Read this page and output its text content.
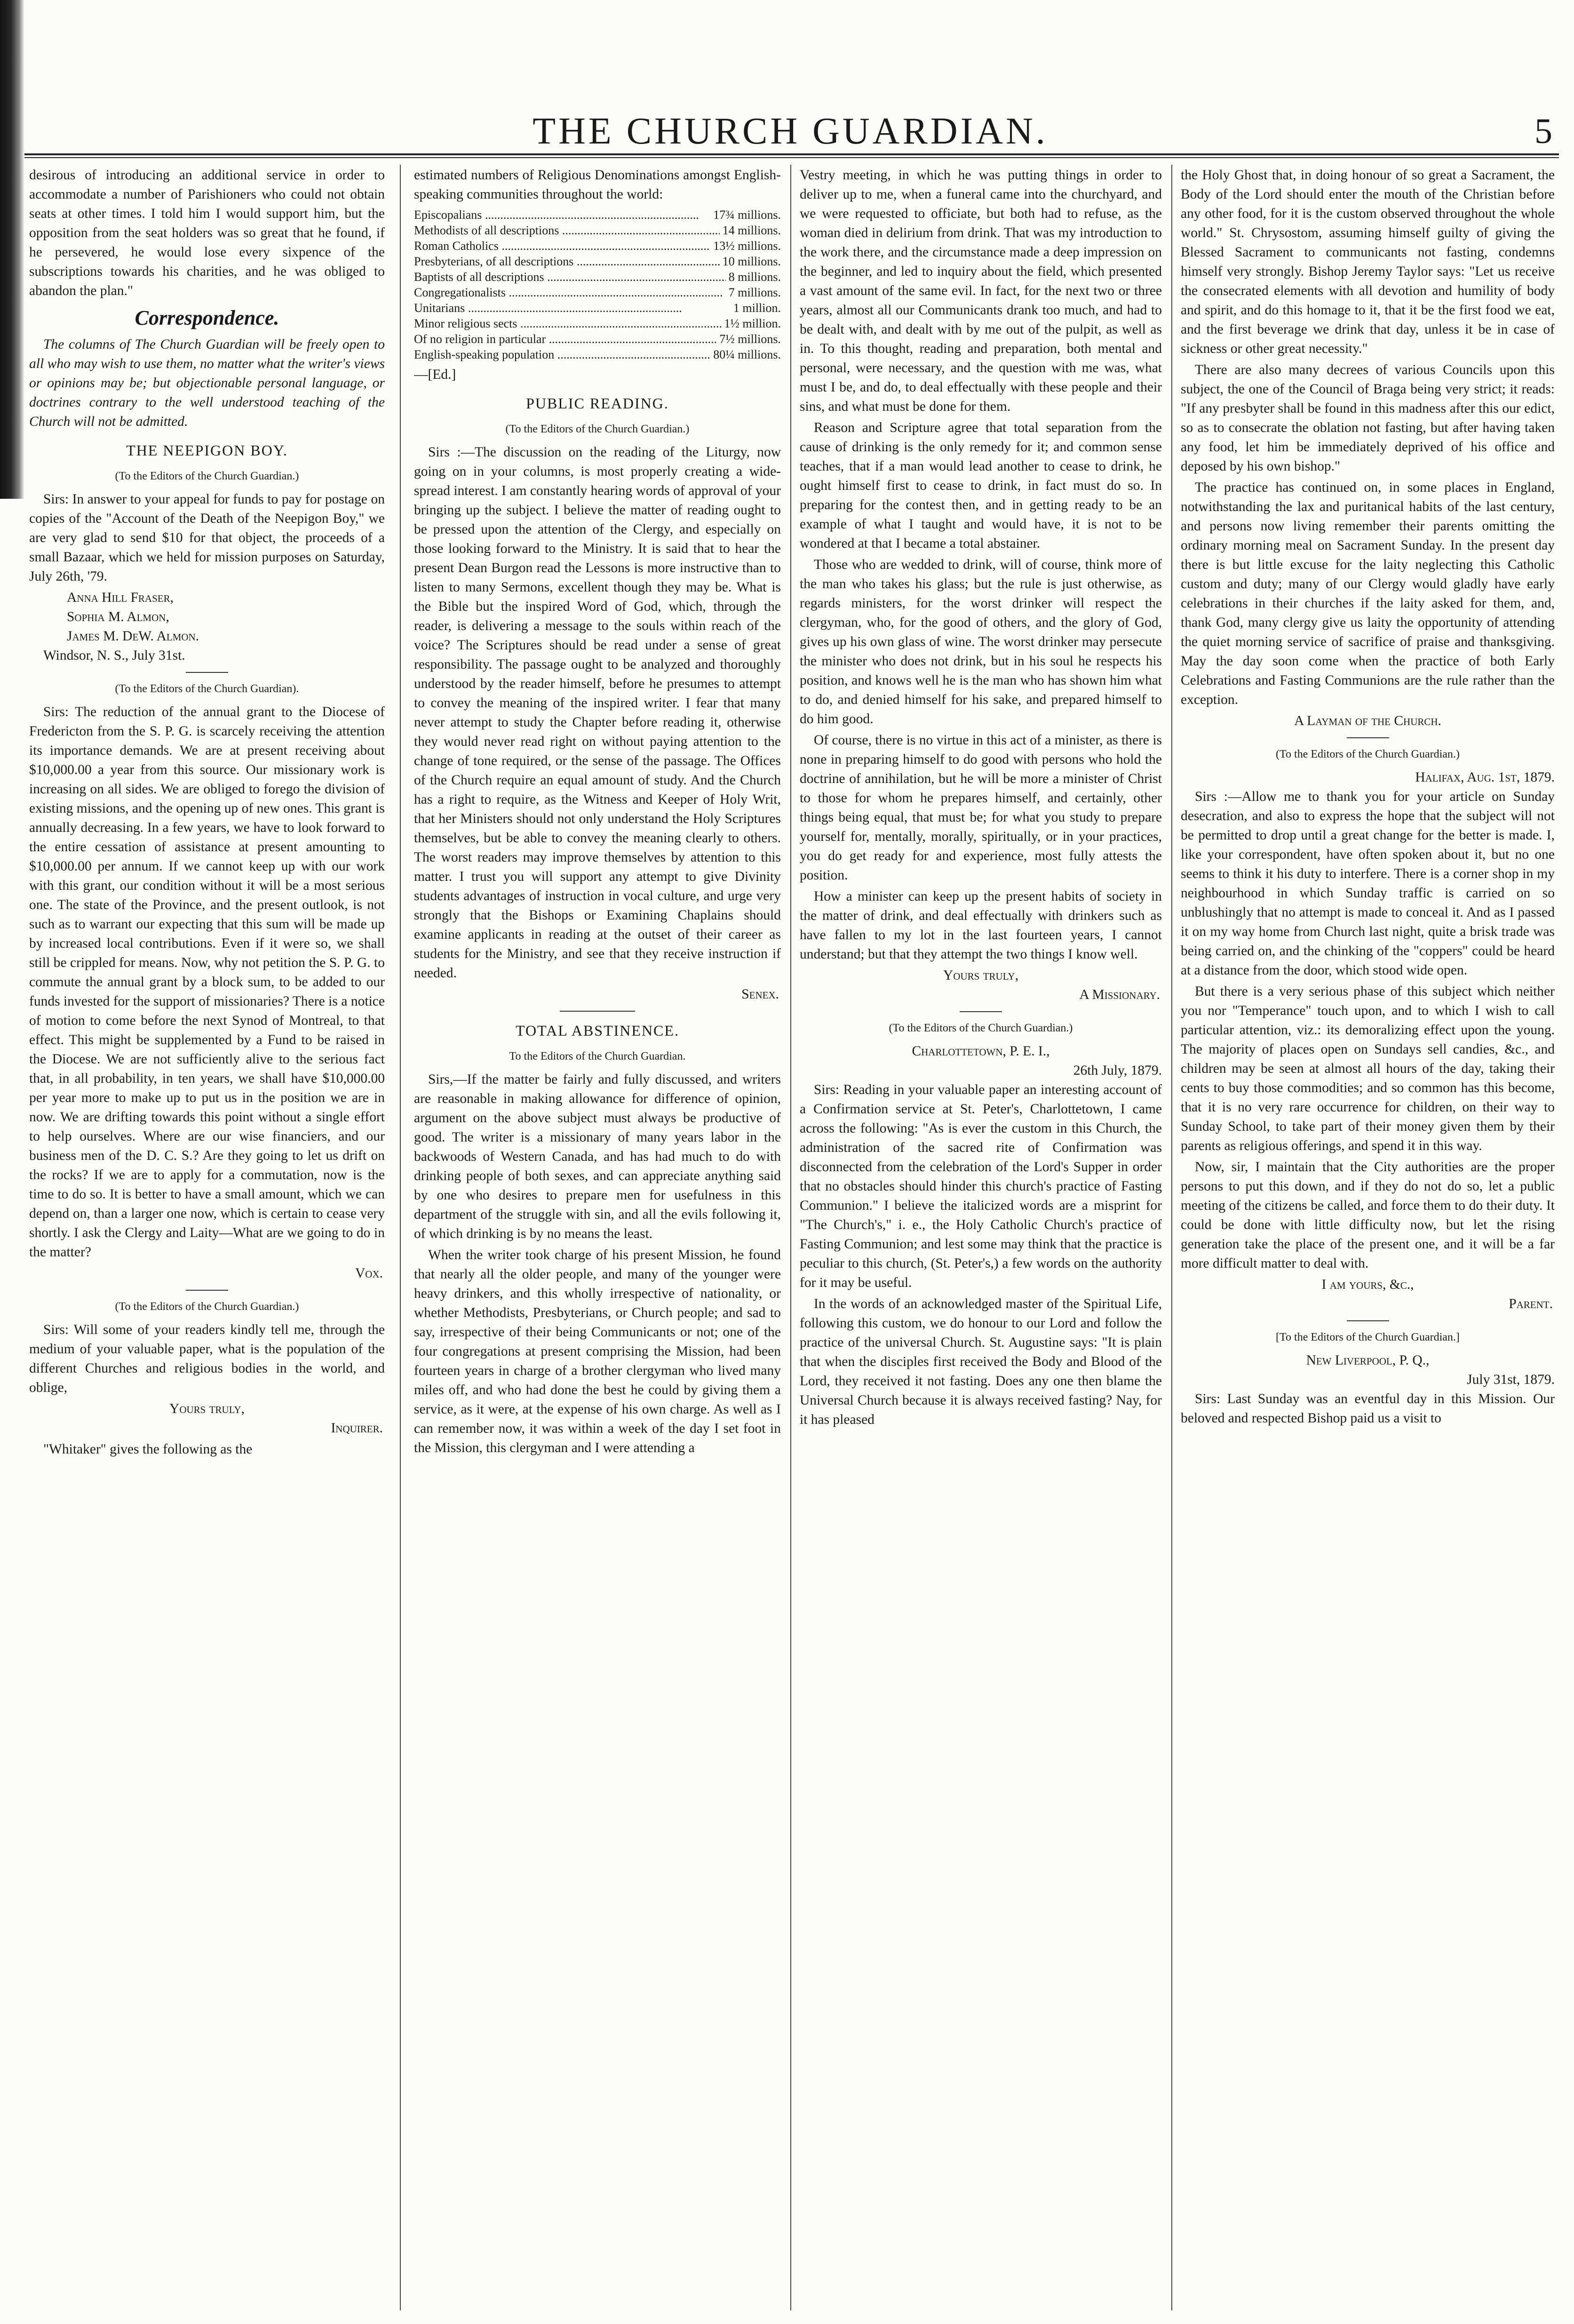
THE CHURCH GUARDIAN.	5

desirous of introducing an additional service in order to accommodate a number of Parishioners who could not obtain seats at other times. I told him I would support him, but the opposition from the seat holders was so great that he found, if he persevered, he would lose every sixpence of the subscriptions towards his charities, and he was obliged to abandon the plan."

Correspondence.

The columns of The Church Guardian will be freely open to all who may wish to use them, no matter what the writer's views or opinions may be; but objectionable personal language, or doctrines contrary to the well understood teaching of the Church will not be admitted.

THE NEEPIGON BOY.
(To the Editors of the Church Guardian.)

Sirs: In answer to your appeal for funds to pay for postage on copies of the "Account of the Death of the Neepigon Boy," we are very glad to send $10 for that object, the proceeds of a small Bazaar, which we held for mission purposes on Saturday, July 26th, '79.

Anna Hill Fraser,
Sophia M. Almon,
James M. DeW. Almon.

Windsor, N. S., July 31st.

(To the Editors of the Church Guardian).

Sirs: The reduction of the annual grant to the Diocese of Fredericton from the S. P. G. is scarcely receiving the attention its importance demands. We are at present receiving about $10,000.00 a year from this source. Our missionary work is increasing on all sides. We are obliged to forego the division of existing missions, and the opening up of new ones. This grant is annually decreasing. In a few years, we have to look forward to the entire cessation of assistance at present amounting to $10,000.00 per annum. If we cannot keep up with our work with this grant, our condition without it will be a most serious one. The state of the Province, and the present outlook, is not such as to warrant our expecting that this sum will be made up by increased local contributions. Even if it were so, we shall still be crippled for means. Now, why not petition the S. P. G. to commute the annual grant by a block sum, to be added to our funds invested for the support of missionaries? There is a notice of motion to come before the next Synod of Montreal, to that effect. This might be supplemented by a Fund to be raised in the Diocese. We are not sufficiently alive to the serious fact that, in all probability, in ten years, we shall have $10,000.00 per year more to make up to put us in the position we are in now. We are drifting towards this point without a single effort to help ourselves. Where are our wise financiers, and our business men of the D. C. S.? Are they going to let us drift on the rocks? If we are to apply for a commutation, now is the time to do so. It is better to have a small amount, which we can depend on, than a larger one now, which is certain to cease very shortly. I ask the Clergy and Laity—What are we going to do in the matter?

Vox.
(To the Editors of the Church Guardian.)

Sirs: Will some of your readers kindly tell me, through the medium of your valuable paper, what is the population of the different Churches and religious bodies in the world, and oblige,

Yours truly,
Inquirer.

"Whitaker" gives the following as the

estimated numbers of Religious Denominations amongst English-speaking communities throughout the world:

Episcopalians .....	17¾ millions.
Methodists of all descriptions .....	14 millions.
Roman Catholics .....	13½ millions.
Presbyterians, of all descriptions .....	10 millions.
Baptists of all descriptions .....	8 millions.
Congregationalists .....	7 millions.
Unitarians .....	1 million.
Minor religious sects .....	1½ million.
Of no religion in particular .....	7½ millions.
English-speaking population .....	80¼ millions.

—[Ed.]

PUBLIC READING.
(To the Editors of the Church Guardian.)

Sirs :—The discussion on the reading of the Liturgy, now going on in your columns, is most properly creating a wide-spread interest. I am constantly hearing words of approval of your bringing up the subject. I believe the matter of reading ought to be pressed upon the attention of the Clergy, and especially on those looking forward to the Ministry. It is said that to hear the present Dean Burgon read the Lessons is more instructive than to listen to many Sermons, excellent though they may be. What is the Bible but the inspired Word of God, which, through the reader, is delivering a message to the souls within reach of the voice? The Scriptures should be read under a sense of great responsibility. The passage ought to be analyzed and thoroughly understood by the reader himself, before he presumes to attempt to convey the meaning of the inspired writer. I fear that many never attempt to study the Chapter before reading it, otherwise they would never read right on without paying attention to the change of tone required, or the sense of the passage. The Offices of the Church require an equal amount of study. And the Church has a right to require, as the Witness and Keeper of Holy Writ, that her Ministers should not only understand the Holy Scriptures themselves, but be able to convey the meaning clearly to others. The worst readers may improve themselves by attention to this matter. I trust you will support any attempt to give Divinity students advantages of instruction in vocal culture, and urge very strongly that the Bishops or Examining Chaplains should examine applicants in reading at the outset of their career as students for the Ministry, and see that they receive instruction if needed.

Senex.
TOTAL ABSTINENCE.
To the Editors of the Church Guardian.

Sirs,—If the matter be fairly and fully discussed, and writers are reasonable in making allowance for difference of opinion, argument on the above subject must always be productive of good. The writer is a missionary of many years labor in the backwoods of Western Canada, and has had much to do with drinking people of both sexes, and can appreciate anything said by one who desires to prepare men for usefulness in this department of the struggle with sin, and all the evils following it, of which drinking is by no means the least.

When the writer took charge of his present Mission, he found that nearly all the older people, and many of the younger were heavy drinkers, and this wholly irrespective of nationality, or whether Methodists, Presbyterians, or Church people; and sad to say, irrespective of their being Communicants or not; one of the four congregations at present comprising the Mission, had been fourteen years in charge of a brother clergyman who lived many miles off, and who had done the best he could by giving them a service, as it were, at the expense of his own charge. As well as I can remember now, it was within a week of the day I set foot in the Mission, this clergyman and I were attending a

Vestry meeting, in which he was putting things in order to deliver up to me, when a funeral came into the churchyard, and we were requested to officiate, but both had to refuse, as the woman died in delirium from drink. That was my introduction to the work there, and the circumstance made a deep impression on the beginner, and led to inquiry about the field, which presented a vast amount of the same evil. In fact, for the next two or three years, almost all our Communicants drank too much, and had to be dealt with, and dealt with by me out of the pulpit, as well as in. To this thought, reading and preparation, both mental and personal, were necessary, and the question with me was, what must I be, and do, to deal effectually with these people and their sins, and what must be done for them.

Reason and Scripture agree that total separation from the cause of drinking is the only remedy for it; and common sense teaches, that if a man would lead another to cease to drink, he ought himself first to cease to drink, in fact must do so. In preparing for the contest then, and in getting ready to be an example of what I taught and would have, it is not to be wondered at that I became a total abstainer.

Those who are wedded to drink, will of course, think more of the man who takes his glass; but the rule is just otherwise, as regards ministers, for the worst drinker will respect the clergyman, who, for the good of others, and the glory of God, gives up his own glass of wine. The worst drinker may persecute the minister who does not drink, but in his soul he respects his position, and knows well he is the man who has shown him what to do, and denied himself for his sake, and prepared himself to do him good.

Of course, there is no virtue in this act of a minister, as there is none in preparing himself to do good with persons who hold the doctrine of annihilation, but he will be more a minister of Christ to those for whom he prepares himself, and certainly, other things being equal, that must be; for what you study to prepare yourself for, mentally, morally, spiritually, or in your practices, you do get ready for and experience, most fully attests the position.

How a minister can keep up the present habits of society in the matter of drink, and deal effectually with drinkers such as have fallen to my lot in the last fourteen years, I cannot understand; but that they attempt the two things I know well.

Yours truly,
A Missionary.
(To the Editors of the Church Guardian.)
Charlottetown, P. E. I.,
26th July, 1879.

Sirs: Reading in your valuable paper an interesting account of a Confirmation service at St. Peter's, Charlottetown, I came across the following: "As is ever the custom in this Church, the administration of the sacred rite of Confirmation was disconnected from the celebration of the Lord's Supper in order that no obstacles should hinder this church's practice of Fasting Communion." I believe the italicized words are a misprint for "The Church's," i. e., the Holy Catholic Church's practice of Fasting Communion; and lest some may think that the practice is peculiar to this church, (St. Peter's,) a few words on the authority for it may be useful.

In the words of an acknowledged master of the Spiritual Life, following this custom, we do honour to our Lord and follow the practice of the universal Church. St. Augustine says: "It is plain that when the disciples first received the Body and Blood of the Lord, they received it not fasting. Does any one then blame the Universal Church because it is always received fasting? Nay, for it has pleased

the Holy Ghost that, in doing honour of so great a Sacrament, the Body of the Lord should enter the mouth of the Christian before any other food, for it is the custom observed throughout the whole world." St. Chrysostom, assuming himself guilty of giving the Blessed Sacrament to communicants not fasting, condemns himself very strongly. Bishop Jeremy Taylor says: "Let us receive the consecrated elements with all devotion and humility of body and spirit, and do this homage to it, that it be the first food we eat, and the first beverage we drink that day, unless it be in case of sickness or other great necessity."

There are also many decrees of various Councils upon this subject, the one of the Council of Braga being very strict; it reads: "If any presbyter shall be found in this madness after this our edict, so as to consecrate the oblation not fasting, but after having taken any food, let him be immediately deprived of his office and deposed by his own bishop."

The practice has continued on, in some places in England, notwithstanding the lax and puritanical habits of the last century, and persons now living remember their parents omitting the ordinary morning meal on Sacrament Sunday. In the present day there is but little excuse for the laity neglecting this Catholic custom and duty; many of our Clergy would gladly have early celebrations in their churches if the laity asked for them, and, thank God, many clergy give us laity the opportunity of attending the quiet morning service of sacrifice of praise and thanksgiving. May the day soon come when the practice of both Early Celebrations and Fasting Communions are the rule rather than the exception.

A Layman of the Church.
(To the Editors of the Church Guardian.)
Halifax, Aug. 1st, 1879.

Sirs :—Allow me to thank you for your article on Sunday desecration, and also to express the hope that the subject will not be permitted to drop until a great change for the better is made. I, like your correspondent, have often spoken about it, but no one seems to think it his duty to interfere. There is a corner shop in my neighbourhood in which Sunday traffic is carried on so unblushingly that no attempt is made to conceal it. And as I passed it on my way home from Church last night, quite a brisk trade was being carried on, and the chinking of the "coppers" could be heard at a distance from the door, which stood wide open.

But there is a very serious phase of this subject which neither you nor "Temperance" touch upon, and to which I wish to call particular attention, viz.: its demoralizing effect upon the young. The majority of places open on Sundays sell candies, &c., and children may be seen at almost all hours of the day, taking their cents to buy those commodities; and so common has this become, that it is no very rare occurrence for children, on their way to Sunday School, to take part of their money given them by their parents as religious offerings, and spend it in this way.

Now, sir, I maintain that the City authorities are the proper persons to put this down, and if they do not do so, let a public meeting of the citizens be called, and force them to do their duty. It could be done with little difficulty now, but let the rising generation take the place of the present one, and it will be a far more difficult matter to deal with.

I am yours, &c.,
Parent.
[To the Editors of the Church Guardian.]
New Liverpool, P. Q.,
July 31st, 1879.

Sirs: Last Sunday was an eventful day in this Mission. Our beloved and respected Bishop paid us a visit to
